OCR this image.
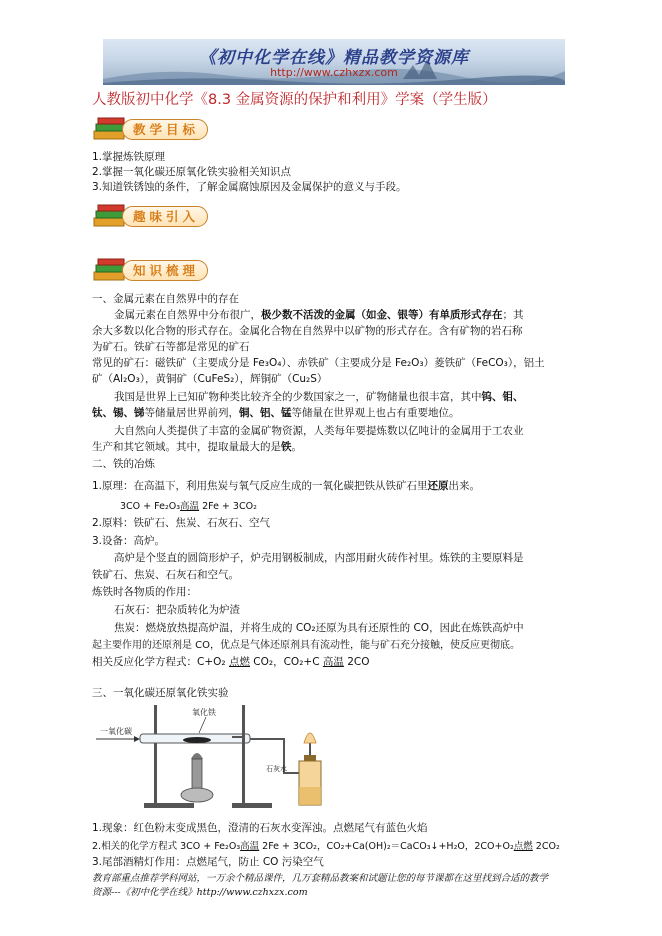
《初中化学在线》精品教学资源库
http://www.czhxzx.com
人教版初中化学《8.3 金属资源的保护和利用》学案（学生版）
教学目标
1.掌握炼铁原理
2.掌握一氧化碳还原氧化铁实验相关知识点
3.知道铁锈蚀的条件，了解金属腐蚀原因及金属保护的意义与手段。
趣味引入
知识梳理
一、金属元素在自然界中的存在
金属元素在自然界中分布很广，极少数不活泼的金属（如金、银等）有单质形式存在；其
余大多数以化合物的形式存在。金属化合物在自然界中以矿物的形式存在。含有矿物的岩石称
为矿石。铁矿石等都是常见的矿石
常见的矿石：磁铁矿（主要成分是 Fe₃O₄）、赤铁矿（主要成分是 Fe₂O₃）菱铁矿（FeCO₃），铝土
矿（Al₂O₃），黄铜矿（CuFeS₂），辉铜矿（Cu₂S）
我国是世界上已知矿物种类比较齐全的少数国家之一，矿物储量也很丰富，其中钨、钼、
钛、锡、锑等储量居世界前列，铜、铝、锰等储量在世界观上也占有重要地位。
大自然向人类提供了丰富的金属矿物资源，人类每年要提炼数以亿吨计的金属用于工农业
生产和其它领域。其中，提取量最大的是铁。
二、铁的冶炼
1.原理：在高温下，利用焦炭与氧气反应生成的一氧化碳把铁从铁矿石里还原出来。
3CO + Fe₂O₃高温 2Fe + 3CO₂
2.原料：铁矿石、焦炭、石灰石、空气
3.设备：高炉。
高炉是个竖直的圆筒形炉子，炉壳用钢板制成，内部用耐火砖作衬里。炼铁的主要原料是
铁矿石、焦炭、石灰石和空气。
炼铁时各物质的作用：
石灰石：把杂质转化为炉渣
焦炭：燃烧放热提高炉温，并将生成的 CO₂还原为具有还原性的 CO，因此在炼铁高炉中
起主要作用的还原剂是 CO，优点是气体还原剂具有流动性，能与矿石充分接触，使反应更彻底。
相关反应化学方程式：C+O₂ 点燃 CO₂，CO₂+C 高温 2CO
三、一氧化碳还原氧化铁实验
一氧化碳
氧化铁
石灰水
1.现象：红色粉末变成黑色，澄清的石灰水变浑浊。点燃尾气有蓝色火焰
2.相关的化学方程式 3CO + Fe₂O₃高温 2Fe + 3CO₂，CO₂+Ca(OH)₂＝CaCO₃↓+H₂O，2CO+O₂点燃 2CO₂
3.尾部酒精灯作用：点燃尾气，防止 CO 污染空气
教育部重点推荐学科网站，一万余个精品课件，几万套精品教案和试题让您的每节课都在这里找到合适的教学
资源---《初中化学在线》http://www.czhxzx.com
